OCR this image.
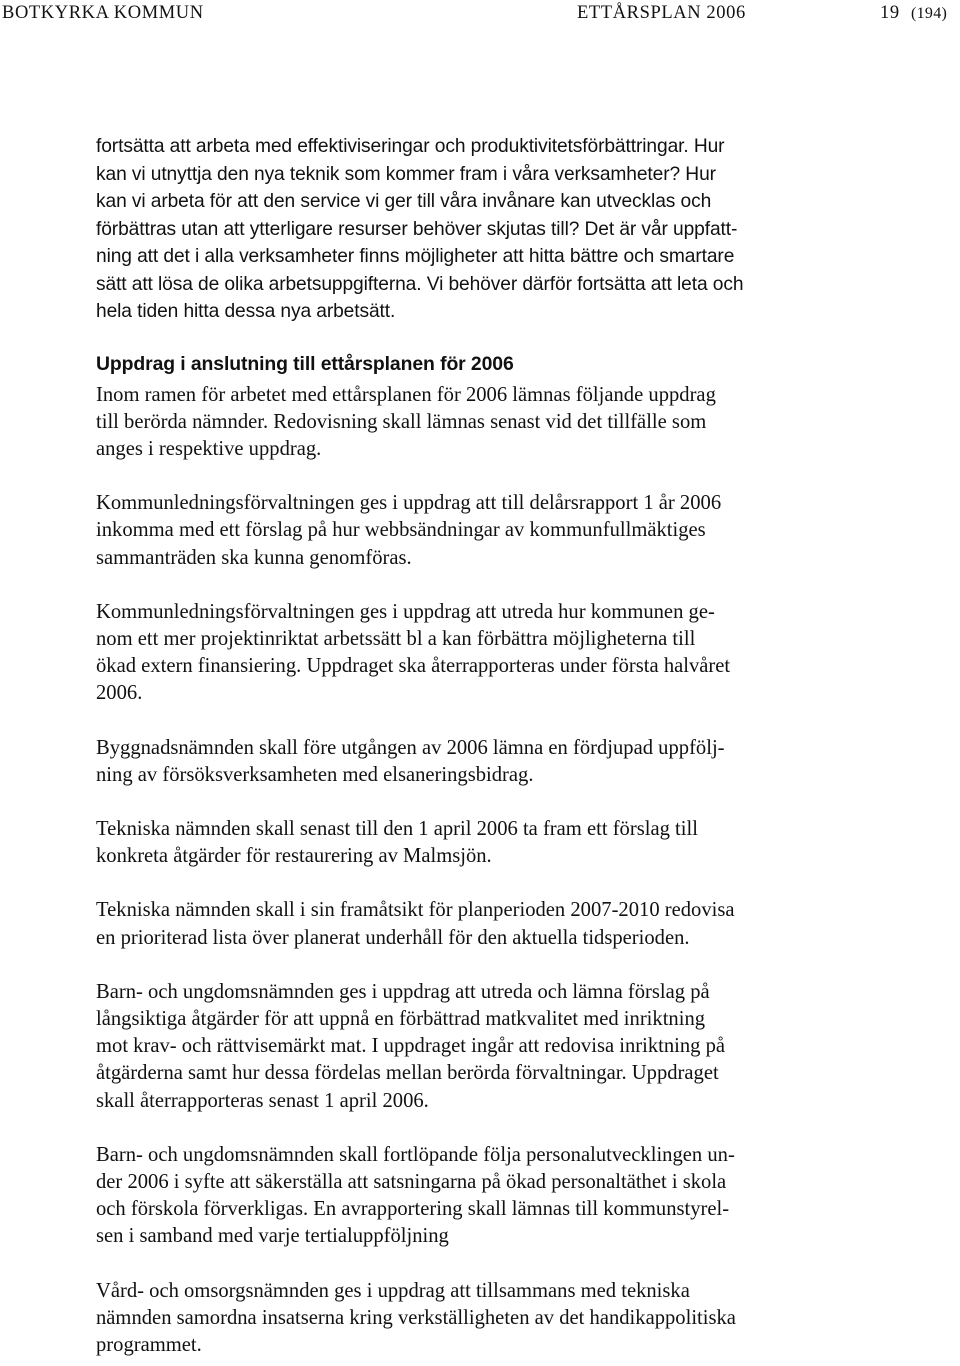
BOTKYRKA KOMMUN	ETTÅRSPLAN 2006	19 (194)

fortsätta att arbeta med effektiviseringar och produktivitetsförbättringar. Hur
kan vi utnyttja den nya teknik som kommer fram i våra verksamheter? Hur
kan vi arbeta för att den service vi ger till våra invånare kan utvecklas och
förbättras utan att ytterligare resurser behöver skjutas till? Det är vår uppfatt-
ning att det i alla verksamheter finns möjligheter att hitta bättre och smartare
sätt att lösa de olika arbetsuppgifterna. Vi behöver därför fortsätta att leta och
hela tiden hitta dessa nya arbetsätt.

Uppdrag i anslutning till ettårsplanen för 2006

Inom ramen för arbetet med ettårsplanen för 2006 lämnas följande uppdrag
till berörda nämnder. Redovisning skall lämnas senast vid det tillfälle som
anges i respektive uppdrag.

Kommunledningsförvaltningen ges i uppdrag att till delårsrapport 1 år 2006
inkomma med ett förslag på hur webbsändningar av kommunfullmäktiges
sammanträden ska kunna genomföras.

Kommunledningsförvaltningen ges i uppdrag att utreda hur kommunen ge-
nom ett mer projektinriktat arbetssätt bl a kan förbättra möjligheterna till
ökad extern finansiering. Uppdraget ska återrapporteras under första halvåret
2006.

Byggnadsnämnden skall före utgången av 2006 lämna en fördjupad uppfölj-
ning av försöksverksamheten med elsaneringsbidrag.

Tekniska nämnden skall senast till den 1 april 2006 ta fram ett förslag till
konkreta åtgärder för restaurering av Malmsjön.

Tekniska nämnden skall i sin framåtsikt för planperioden 2007-2010 redovisa
en prioriterad lista över planerat underhåll för den aktuella tidsperioden.

Barn- och ungdomsnämnden ges i uppdrag att utreda och lämna förslag på
långsiktiga åtgärder för att uppnå en förbättrad matkvalitet med inriktning
mot krav- och rättvisemärkt mat. I uppdraget ingår att redovisa inriktning på
åtgärderna samt hur dessa fördelas mellan berörda förvaltningar. Uppdraget
skall återrapporteras senast 1 april 2006.

Barn- och ungdomsnämnden skall fortlöpande följa personalutvecklingen un-
der 2006 i syfte att säkerställa att satsningarna på ökad personaltäthet i skola
och förskola förverkligas. En avrapportering skall lämnas till kommunstyrel-
sen i samband med varje tertialuppföljning

Vård- och omsorgsnämnden ges i uppdrag att tillsammans med tekniska
nämnden samordna insatserna kring verkställigheten av det handikappolitiska
programmet.
